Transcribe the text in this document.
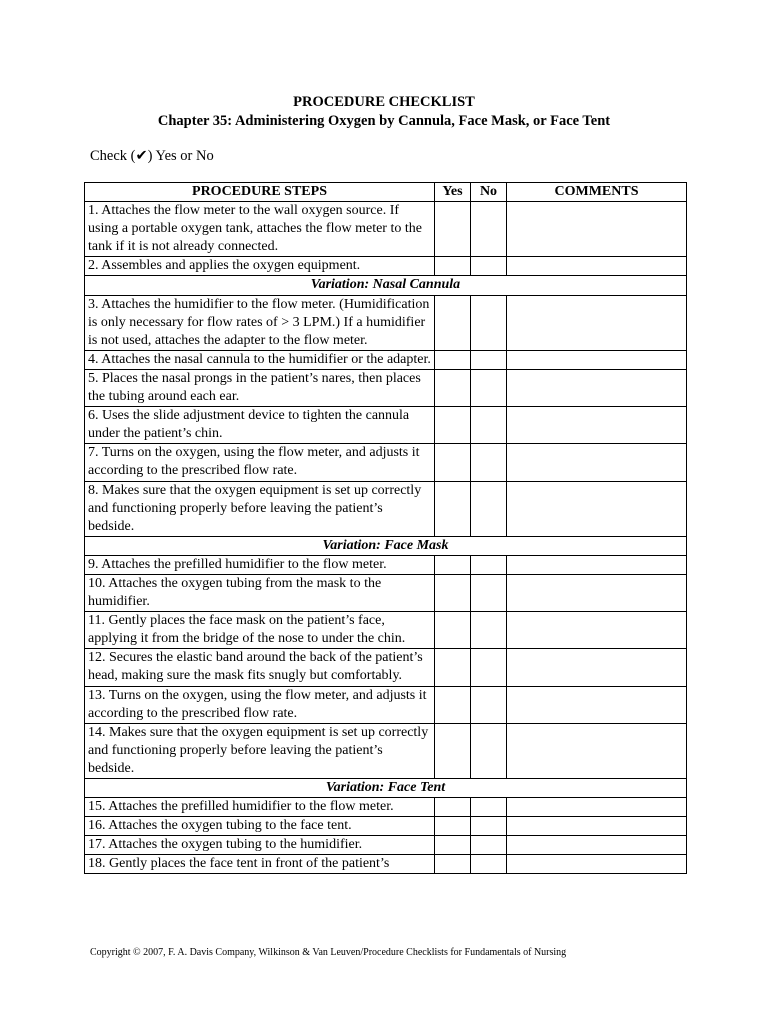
PROCEDURE CHECKLIST
Chapter 35: Administering Oxygen by Cannula, Face Mask, or Face Tent
Check (✔) Yes or No
PROCEDURE STEPS	Yes	No	COMMENTS
1. Attaches the flow meter to the wall oxygen source. If using a portable oxygen tank, attaches the flow meter to the tank if it is not already connected.			
2. Assembles and applies the oxygen equipment.			
Variation: Nasal Cannula			
3. Attaches the humidifier to the flow meter. (Humidification is only necessary for flow rates of > 3 LPM.) If a humidifier is not used, attaches the adapter to the flow meter.			
4. Attaches the nasal cannula to the humidifier or the adapter.			
5. Places the nasal prongs in the patient’s nares, then places the tubing around each ear.			
6. Uses the slide adjustment device to tighten the cannula under the patient’s chin.			
7. Turns on the oxygen, using the flow meter, and adjusts it according to the prescribed flow rate.			
8. Makes sure that the oxygen equipment is set up correctly and functioning properly before leaving the patient’s bedside.			
Variation: Face Mask			
9. Attaches the prefilled humidifier to the flow meter.			
10. Attaches the oxygen tubing from the mask to the humidifier.			
11. Gently places the face mask on the patient’s face, applying it from the bridge of the nose to under the chin.			
12. Secures the elastic band around the back of the patient’s head, making sure the mask fits snugly but comfortably.			
13. Turns on the oxygen, using the flow meter, and adjusts it according to the prescribed flow rate.			
14. Makes sure that the oxygen equipment is set up correctly and functioning properly before leaving the patient’s bedside.			
Variation: Face Tent			
15. Attaches the prefilled humidifier to the flow meter.			
16. Attaches the oxygen tubing to the face tent.			
17. Attaches the oxygen tubing to the humidifier.			
18. Gently places the face tent in front of the patient’s			
Copyright © 2007, F. A. Davis Company, Wilkinson & Van Leuven/Procedure Checklists for Fundamentals of Nursing
